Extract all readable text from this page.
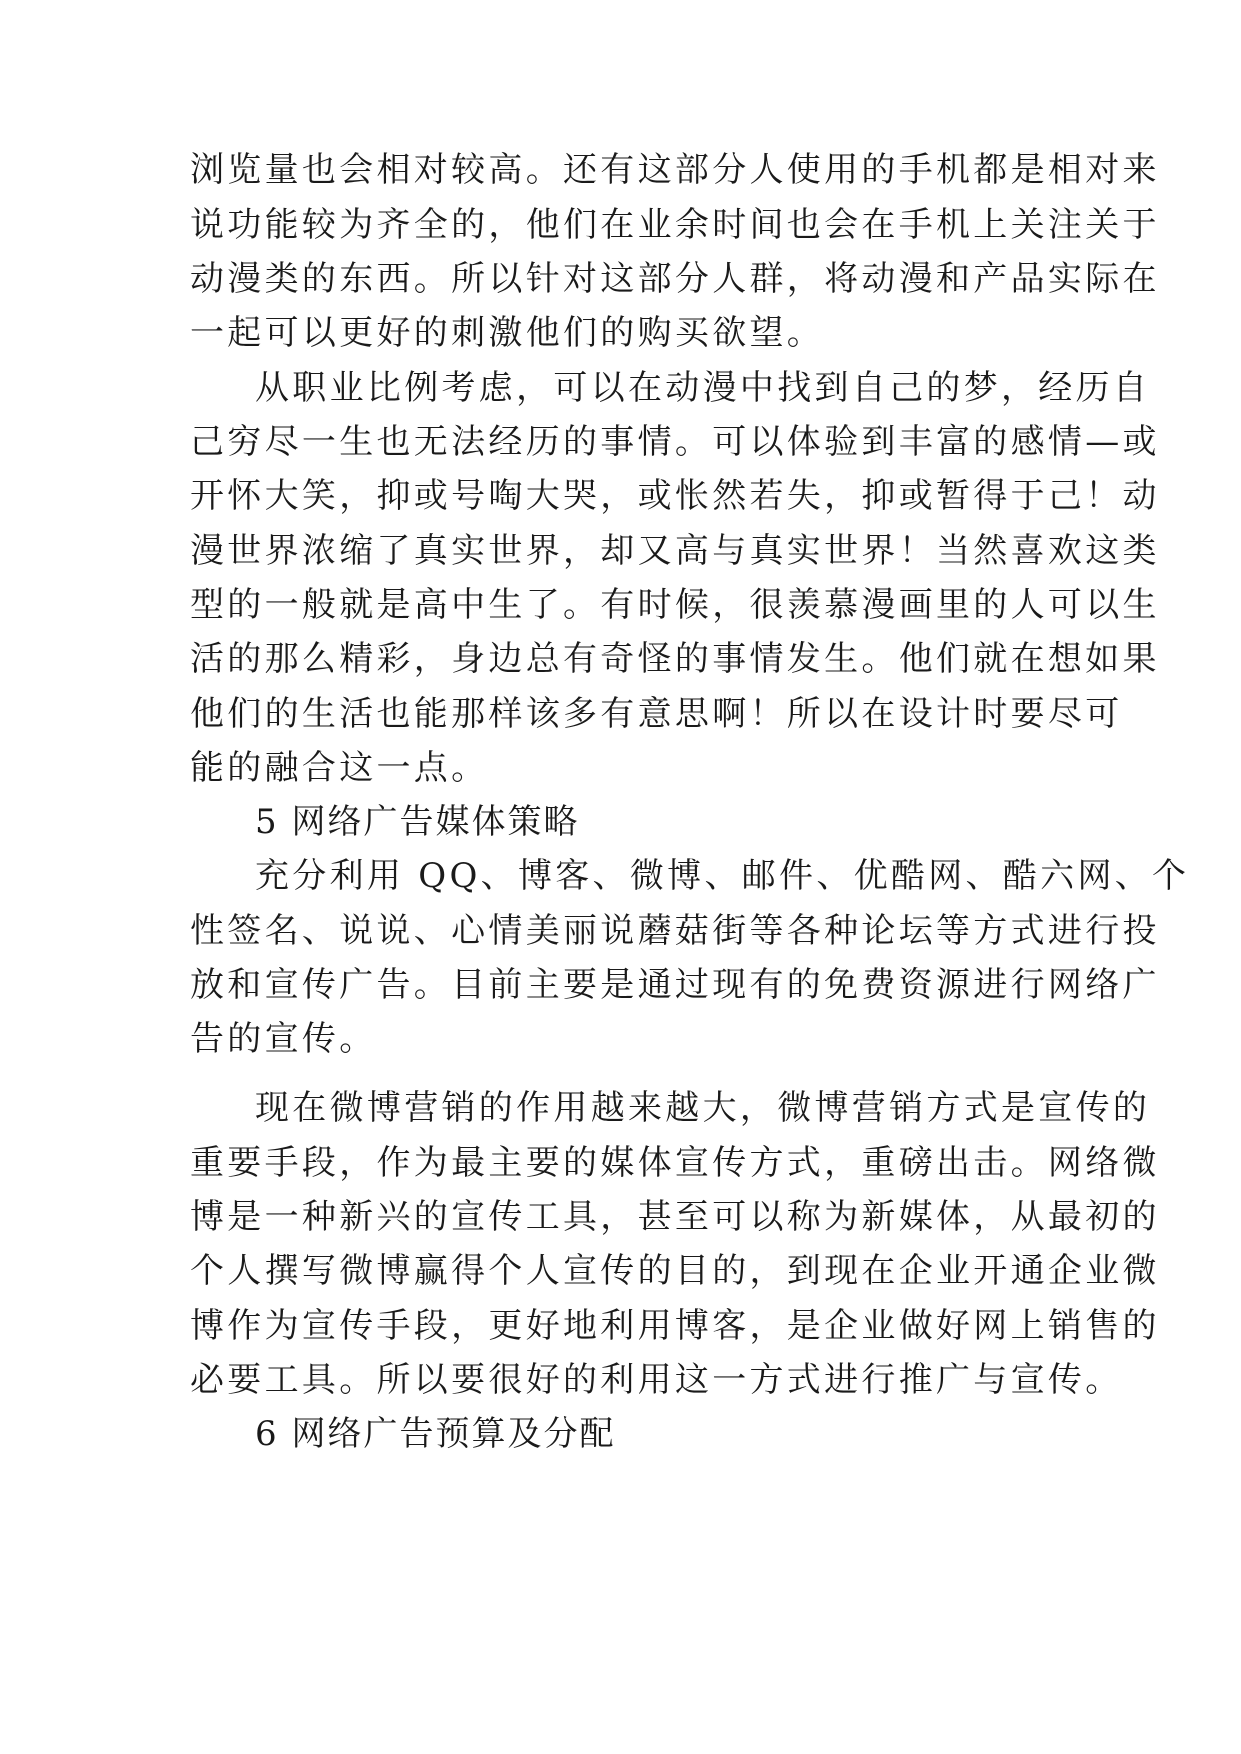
浏览量也会相对较高。还有这部分人使用的手机都是相对来
说功能较为齐全的，他们在业余时间也会在手机上关注关于
动漫类的东西。所以针对这部分人群，将动漫和产品实际在
一起可以更好的刺激他们的购买欲望。
从职业比例考虑，可以在动漫中找到自己的梦，经历自
己穷尽一生也无法经历的事情。可以体验到丰富的感情—或
开怀大笑，抑或号啕大哭，或怅然若失，抑或暂得于己！动
漫世界浓缩了真实世界，却又高与真实世界！当然喜欢这类
型的一般就是高中生了。有时候，很羡慕漫画里的人可以生
活的那么精彩，身边总有奇怪的事情发生。他们就在想如果
他们的生活也能那样该多有意思啊！所以在设计时要尽可
能的融合这一点。
5 网络广告媒体策略
充分利用 QQ、博客、微博、邮件、优酷网、酷六网、个
性签名、说说、心情美丽说蘑菇街等各种论坛等方式进行投
放和宣传广告。目前主要是通过现有的免费资源进行网络广
告的宣传。
现在微博营销的作用越来越大，微博营销方式是宣传的
重要手段，作为最主要的媒体宣传方式，重磅出击。网络微
博是一种新兴的宣传工具，甚至可以称为新媒体，从最初的
个人撰写微博赢得个人宣传的目的，到现在企业开通企业微
博作为宣传手段，更好地利用博客，是企业做好网上销售的
必要工具。所以要很好的利用这一方式进行推广与宣传。
6 网络广告预算及分配
